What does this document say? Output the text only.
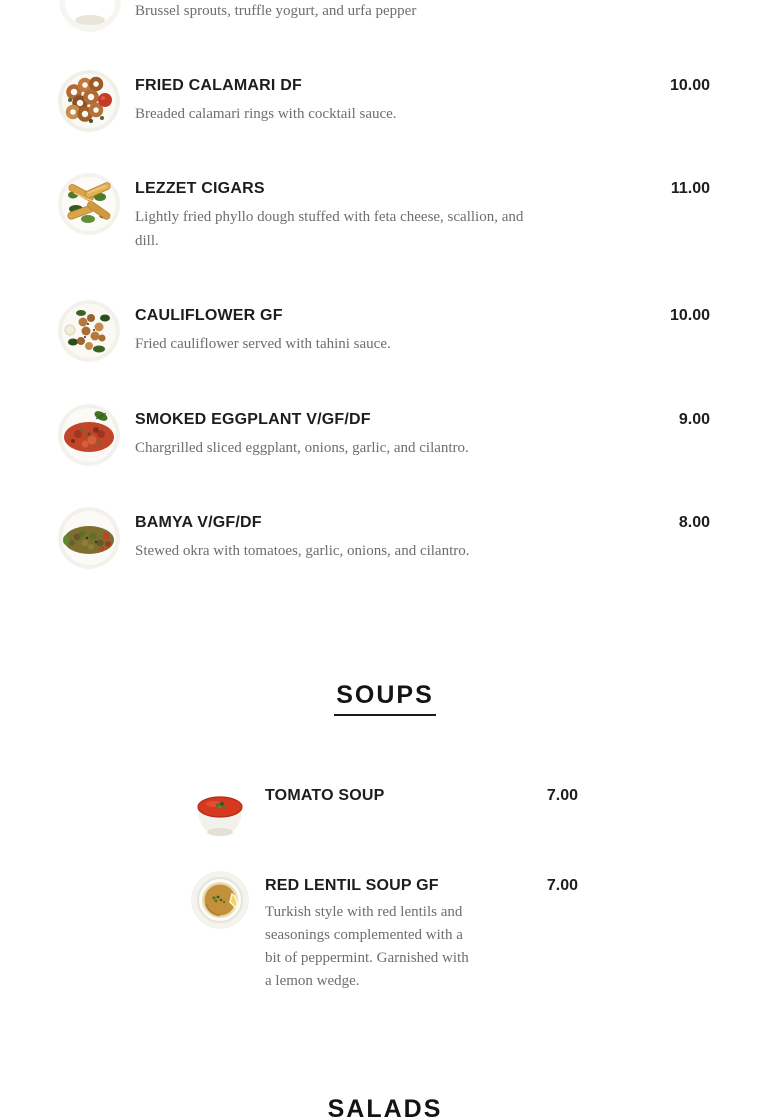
Brussel sprouts, truffle yogurt, and urfa pepper
FRIED CALAMARI DF	10.00
Breaded calamari rings with cocktail sauce.
LEZZET CIGARS	11.00
Lightly fried phyllo dough stuffed with feta cheese, scallion, and dill.
CAULIFLOWER GF	10.00
Fried cauliflower served with tahini sauce.
SMOKED EGGPLANT V/GF/DF	9.00
Chargrilled sliced eggplant, onions, garlic, and cilantro.
BAMYA V/GF/DF	8.00
Stewed okra with tomatoes, garlic, onions, and cilantro.
SOUPS
TOMATO SOUP	7.00
RED LENTIL SOUP GF	7.00
Turkish style with red lentils and seasonings complemented with a bit of peppermint. Garnished with a lemon wedge.
SALADS
